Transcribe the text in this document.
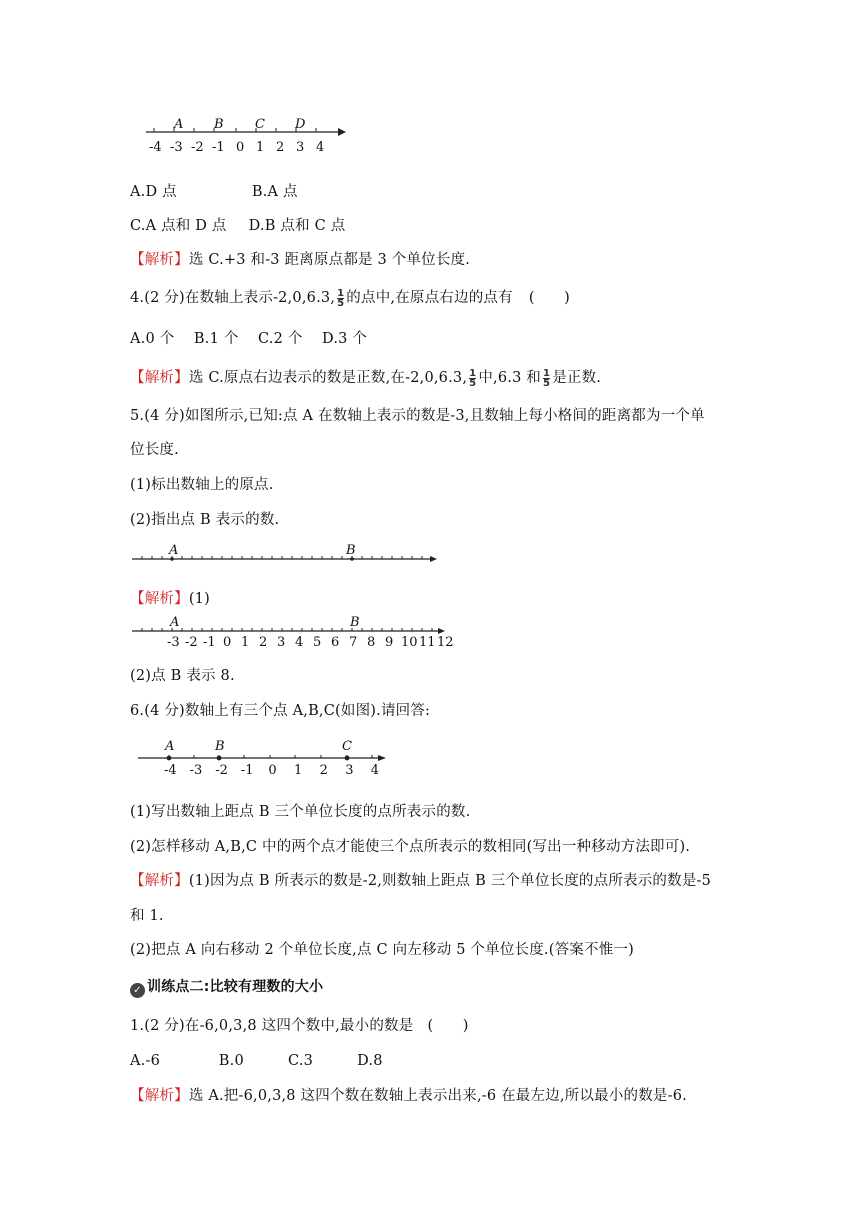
A B C D
-4 -3 -2 -1 0 1 2 3 4
A.D 点	B.A 点
C.A 点和 D 点 D.B 点和 C 点
【解析】选 C.+3 和-3 距离原点都是 3 个单位长度.
4.(2 分)在数轴上表示-2,0,6.3, $\frac{1}{5}$ 的点中,在原点右边的点有 (　　)
A.0 个　 B.1 个　 C.2 个　 D.3 个
【解析】选 C.原点右边表示的数是正数,在-2,0,6.3, $\frac{1}{5}$ 中,6.3 和 $\frac{1}{5}$ 是正数.
5.(4 分)如图所示,已知:点 A 在数轴上表示的数是-3,且数轴上每小格间的距离都为一个单
位长度.
(1)标出数轴上的原点.
(2)指出点 B 表示的数.
A	B
【解析】(1)
A	B
-3 -2 -1 0 1 2 3 4 5 6 7 8 9 10 11 12
(2)点 B 表示 8.
6.(4 分)数轴上有三个点 A,B,C(如图).请回答:
A	B	C
-4 -3 -2 -1 0 1 2 3 4
(1)写出数轴上距点 B 三个单位长度的点所表示的数.
(2)怎样移动 A,B,C 中的两个点才能使三个点所表示的数相同(写出一种移动方法即可).
【解析】(1)因为点 B 所表示的数是-2,则数轴上距点 B 三个单位长度的点所表示的数是-5
和 1.
(2)把点 A 向右移动 2 个单位长度,点 C 向左移动 5 个单位长度.(答案不惟一)
✓ 训练点二:比较有理数的大小
1.(2 分)在-6,0,3,8 这四个数中,最小的数是 (　　)
A.-6　　　　B.0　　　C.3　　　D.8
【解析】选 A.把-6,0,3,8 这四个数在数轴上表示出来,-6 在最左边,所以最小的数是-6.
